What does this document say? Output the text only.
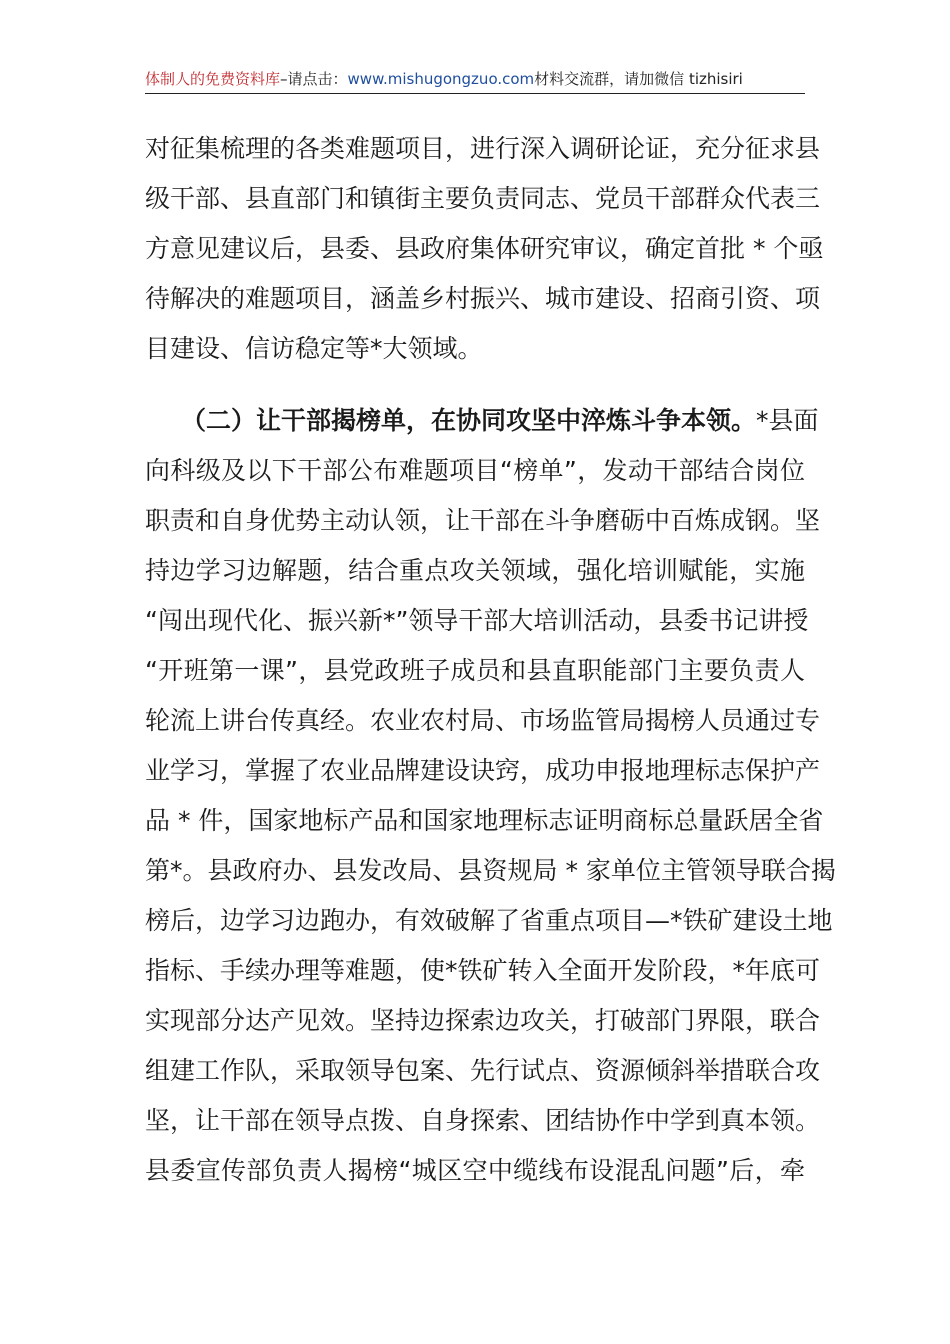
体制人的免费资料库–请点击：www.mishugongzuo.com材料交流群，请加微信 tizhisiri
对征集梳理的各类难题项目，进行深入调研论证，充分征求县
级干部、县直部门和镇街主要负责同志、党员干部群众代表三
方意见建议后，县委、县政府集体研究审议，确定首批 * 个亟
待解决的难题项目，涵盖乡村振兴、城市建设、招商引资、项
目建设、信访稳定等*大领域。
（二）让干部揭榜单，在协同攻坚中淬炼斗争本领。*县面
向科级及以下干部公布难题项目“榜单”，发动干部结合岗位
职责和自身优势主动认领，让干部在斗争磨砺中百炼成钢。坚
持边学习边解题，结合重点攻关领域，强化培训赋能，实施
“闯出现代化、振兴新*”领导干部大培训活动，县委书记讲授
“开班第一课”，县党政班子成员和县直职能部门主要负责人
轮流上讲台传真经。农业农村局、市场监管局揭榜人员通过专
业学习，掌握了农业品牌建设诀窍，成功申报地理标志保护产
品 * 件，国家地标产品和国家地理标志证明商标总量跃居全省
第*。县政府办、县发改局、县资规局 * 家单位主管领导联合揭
榜后，边学习边跑办，有效破解了省重点项目—*铁矿建设土地
指标、手续办理等难题，使*铁矿转入全面开发阶段，*年底可
实现部分达产见效。坚持边探索边攻关，打破部门界限，联合
组建工作队，采取领导包案、先行试点、资源倾斜举措联合攻
坚，让干部在领导点拨、自身探索、团结协作中学到真本领。
县委宣传部负责人揭榜“城区空中缆线布设混乱问题”后，牵
